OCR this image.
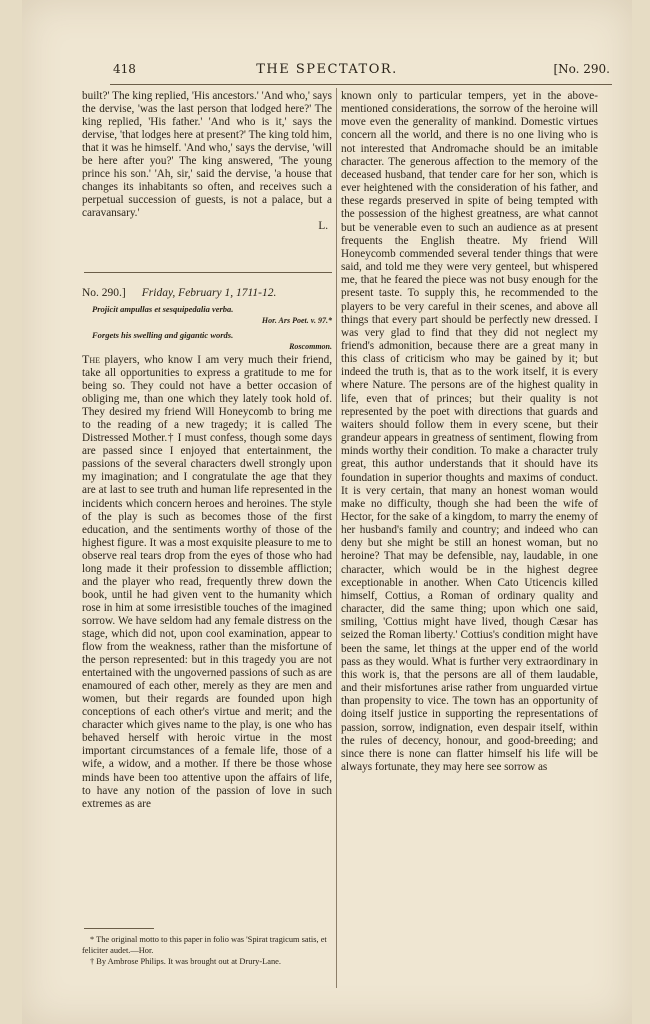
418	THE SPECTATOR.	[No. 290.
built?' The king replied, 'His ancestors.' 'And who,' says the dervise, 'was the last person that lodged here?' The king replied, 'His father.' 'And who is it,' says the dervise, 'that lodges here at present?' The king told him, that it was he himself. 'And who,' says the dervise, 'will be here after you?' The king answered, 'The young prince his son.' 'Ah, sir,' said the dervise, 'a house that changes its inhabitants so often, and receives such a perpetual succession of guests, is not a palace, but a caravansary.'
L.
No. 290.] Friday, February 1, 1711-12.
Projicit ampullas et sesquipedalia verba.
Hor. Ars Poet. v. 97.*
Forgets his swelling and gigantic words.
Roscommon.
The players, who know I am very much their friend, take all opportunities to express a gratitude to me for being so. They could not have a better occasion of obliging me, than one which they lately took hold of. They desired my friend Will Honeycomb to bring me to the reading of a new tragedy; it is called The Distressed Mother.† I must confess, though some days are passed since I enjoyed that entertainment, the passions of the several characters dwell strongly upon my imagination; and I congratulate the age that they are at last to see truth and human life represented in the incidents which concern heroes and heroines. The style of the play is such as becomes those of the first education, and the sentiments worthy of those of the highest figure. It was a most exquisite pleasure to me to observe real tears drop from the eyes of those who had long made it their profession to dissemble affliction; and the player who read, frequently threw down the book, until he had given vent to the humanity which rose in him at some irresistible touches of the imagined sorrow. We have seldom had any female distress on the stage, which did not, upon cool examination, appear to flow from the weakness, rather than the misfortune of the person represented: but in this tragedy you are not entertained with the ungoverned passions of such as are enamoured of each other, merely as they are men and women, but their regards are founded upon high conceptions of each other's virtue and merit; and the character which gives name to the play, is one who has behaved herself with heroic virtue in the most important circumstances of a female life, those of a wife, a widow, and a mother. If there be those whose minds have been too attentive upon the affairs of life, to have any notion of the passion of love in such extremes as are
known only to particular tempers, yet in the above-mentioned considerations, the sorrow of the heroine will move even the generality of mankind. Domestic virtues concern all the world, and there is no one living who is not interested that Andromache should be an imitable character. The generous affection to the memory of the deceased husband, that tender care for her son, which is ever heightened with the consideration of his father, and these regards preserved in spite of being tempted with the possession of the highest greatness, are what cannot but be venerable even to such an audience as at present frequents the English theatre. My friend Will Honeycomb commended several tender things that were said, and told me they were very genteel, but whispered me, that he feared the piece was not busy enough for the present taste. To supply this, he recommended to the players to be very careful in their scenes, and above all things that every part should be perfectly new dressed. I was very glad to find that they did not neglect my friend's admonition, because there are a great many in this class of criticism who may be gained by it; but indeed the truth is, that as to the work itself, it is every where Nature. The persons are of the highest quality in life, even that of princes; but their quality is not represented by the poet with directions that guards and waiters should follow them in every scene, but their grandeur appears in greatness of sentiment, flowing from minds worthy their condition. To make a character truly great, this author understands that it should have its foundation in superior thoughts and maxims of conduct. It is very certain, that many an honest woman would make no difficulty, though she had been the wife of Hector, for the sake of a kingdom, to marry the enemy of her husband's family and country; and indeed who can deny but she might be still an honest woman, but no heroine? That may be defensible, nay, laudable, in one character, which would be in the highest degree exceptionable in another. When Cato Uticencis killed himself, Cottius, a Roman of ordinary quality and character, did the same thing; upon which one said, smiling, 'Cottius might have lived, though Cæsar has seized the Roman liberty.' Cottius's condition might have been the same, let things at the upper end of the world pass as they would. What is further very extraordinary in this work is, that the persons are all of them laudable, and their misfortunes arise rather from unguarded virtue than propensity to vice. The town has an opportunity of doing itself justice in supporting the representations of passion, sorrow, indignation, even despair itself, within the rules of decency, honour, and good-breeding; and since there is none can flatter himself his life will be always fortunate, they may here see sorrow as
* The original motto to this paper in folio was 'Spirat tragicum satis, et feliciter audet.—Hor.
† By Ambrose Philips. It was brought out at Drury-Lane.
